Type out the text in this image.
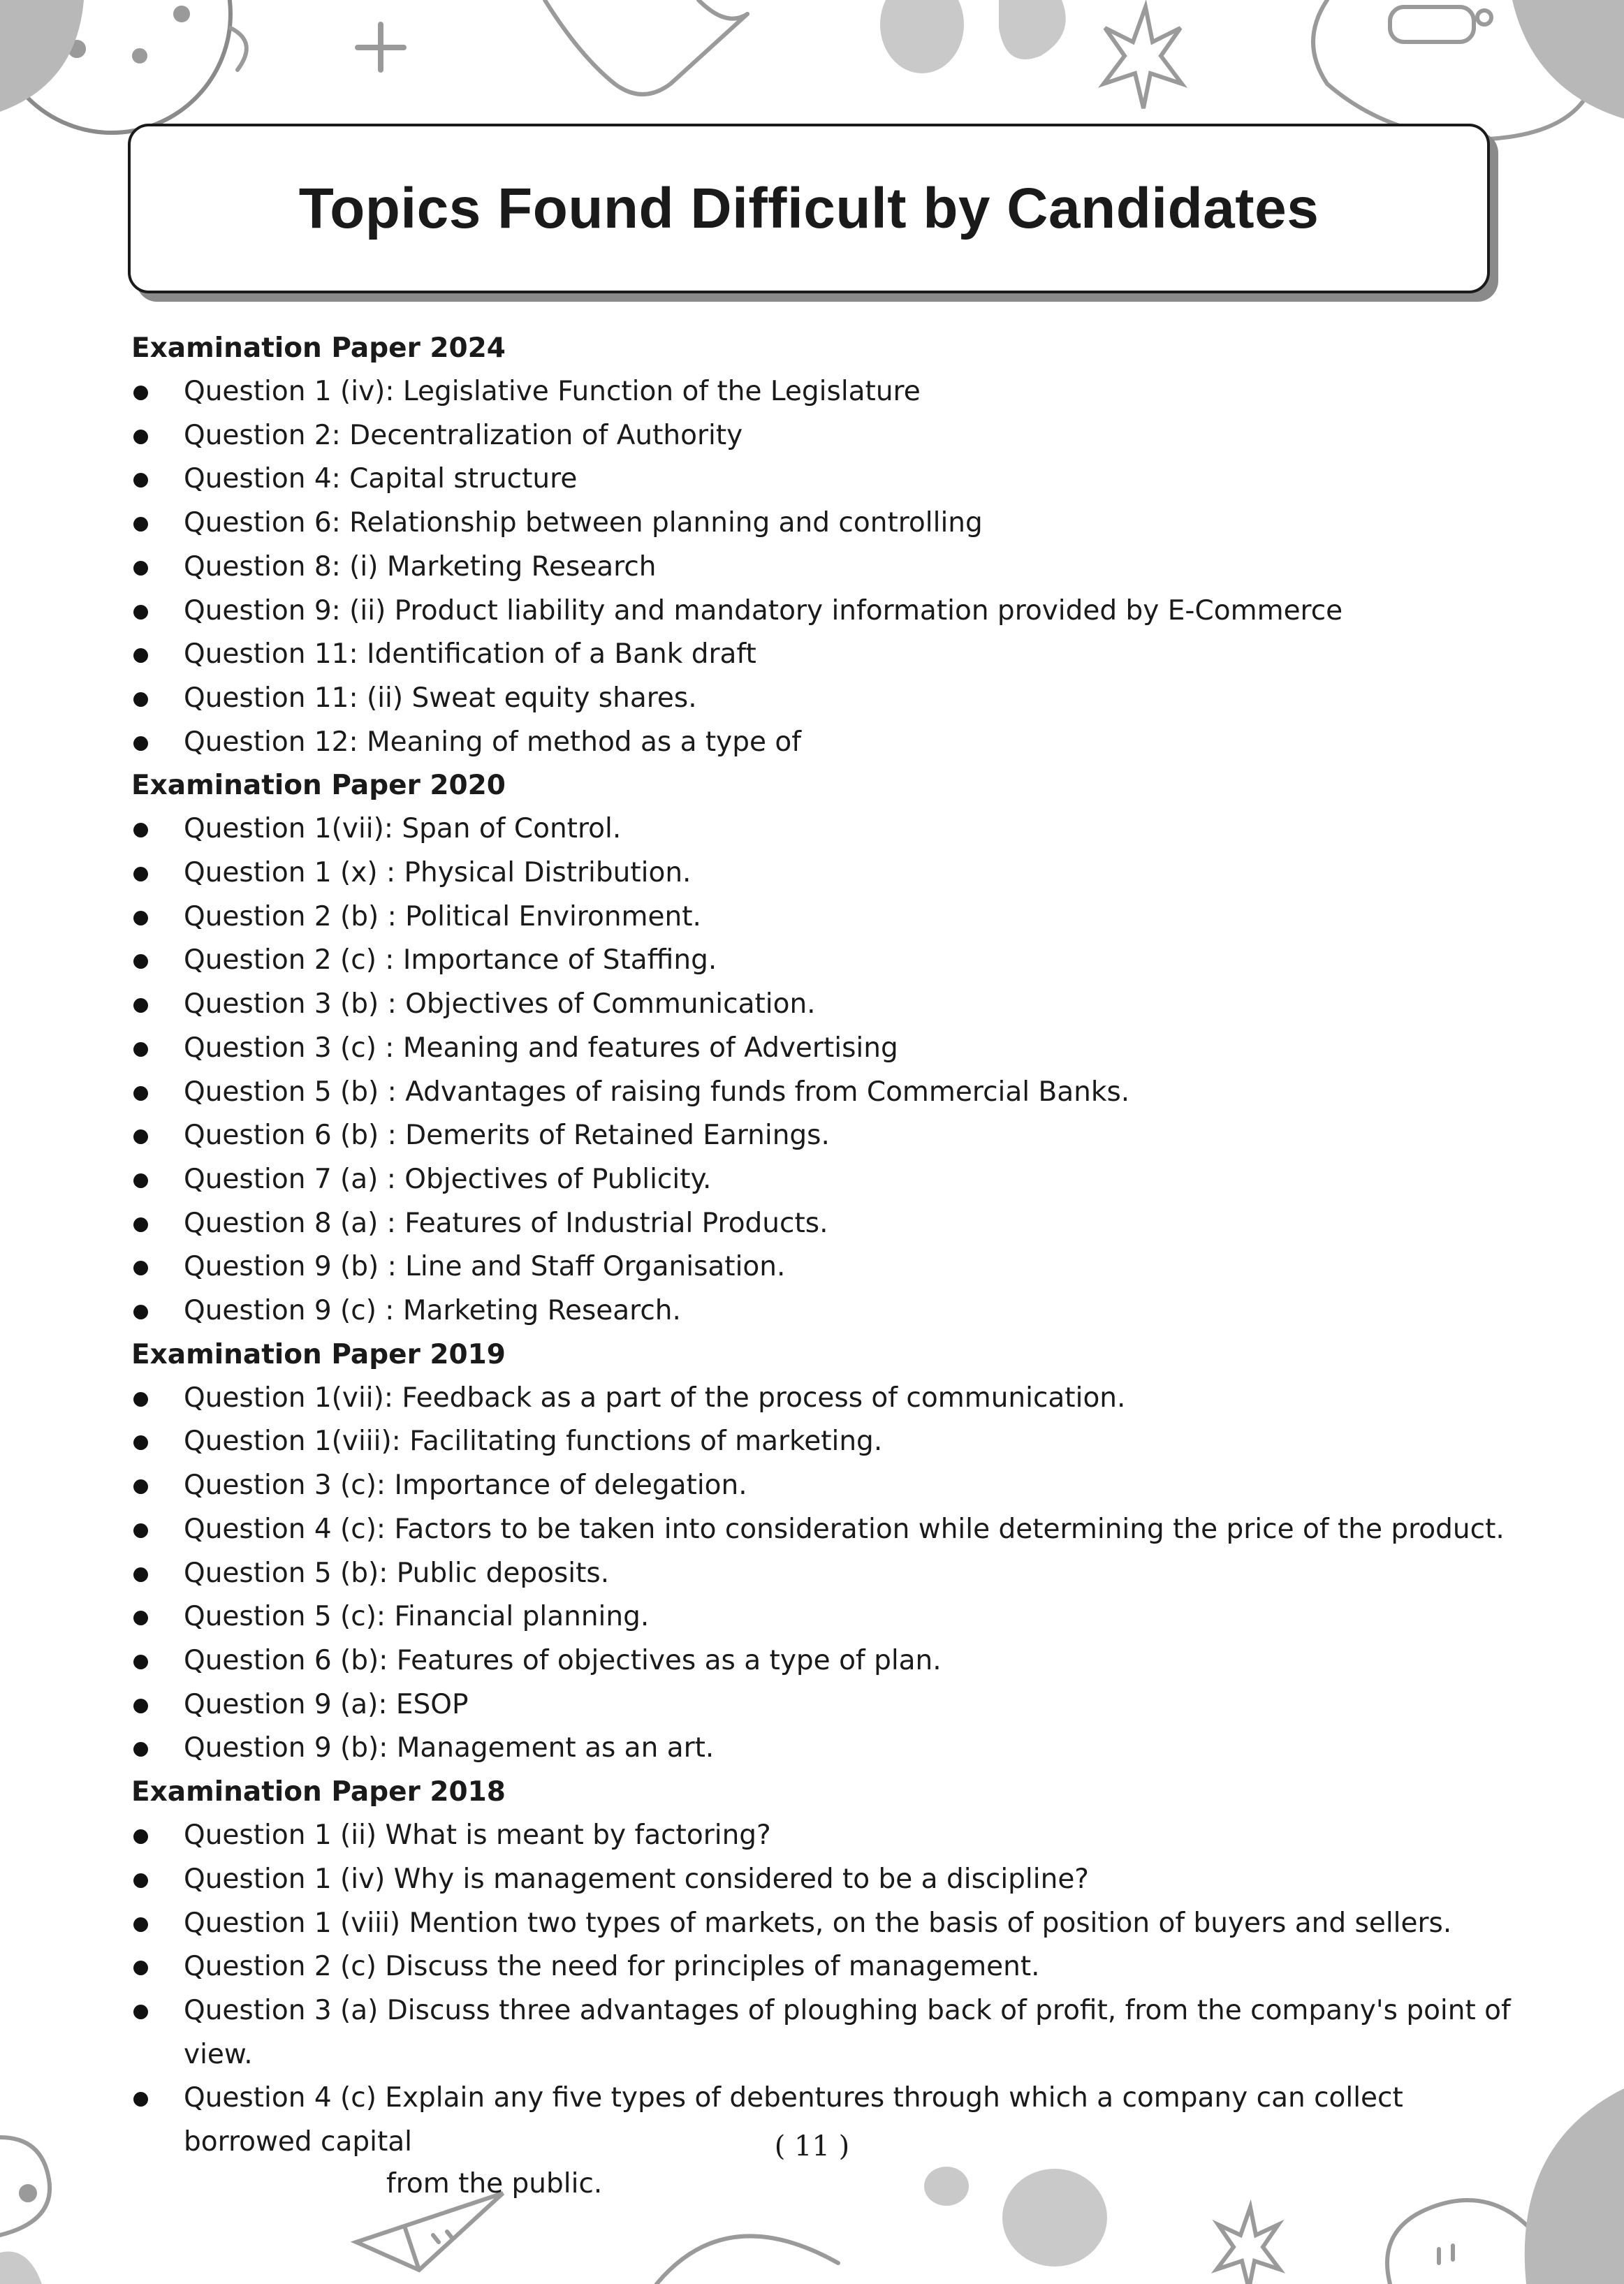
Topics Found Difficult by Candidates
Examination Paper 2024
Question 1 (iv): Legislative Function of the Legislature
Question 2: Decentralization of Authority
Question 4: Capital structure
Question 6: Relationship between planning and controlling
Question 8: (i) Marketing Research
Question 9: (ii) Product liability and mandatory information provided by E-Commerce
Question 11: Identification of a Bank draft
Question 11: (ii) Sweat equity shares.
Question 12: Meaning of method as a type of
Examination Paper 2020
Question 1(vii): Span of Control.
Question 1 (x) : Physical Distribution.
Question 2 (b) : Political Environment.
Question 2 (c) : Importance of Staffing.
Question 3 (b) : Objectives of Communication.
Question 3 (c) : Meaning and features of Advertising
Question 5 (b) : Advantages of raising funds from Commercial Banks.
Question 6 (b) : Demerits of Retained Earnings.
Question 7 (a) : Objectives of Publicity.
Question 8 (a) : Features of Industrial Products.
Question 9 (b) : Line and Staff Organisation.
Question 9 (c) : Marketing Research.
Examination Paper 2019
Question 1(vii): Feedback as a part of the process of communication.
Question 1(viii): Facilitating functions of marketing.
Question 3 (c): Importance of delegation.
Question 4 (c): Factors to be taken into consideration while determining the price of the product.
Question 5 (b): Public deposits.
Question 5 (c): Financial planning.
Question 6 (b): Features of objectives as a type of plan.
Question 9 (a): ESOP
Question 9 (b): Management as an art.
Examination Paper 2018
Question 1 (ii) What is meant by factoring?
Question 1 (iv) Why is management considered to be a discipline?
Question 1 (viii) Mention two types of markets, on the basis of position of buyers and sellers.
Question 2 (c) Discuss the need for principles of management.
Question 3 (a) Discuss three advantages of ploughing back of profit, from the company's point of view.
Question 4 (c) Explain any five types of debentures through which a company can collect borrowed capital
from the public.
( 11 )
